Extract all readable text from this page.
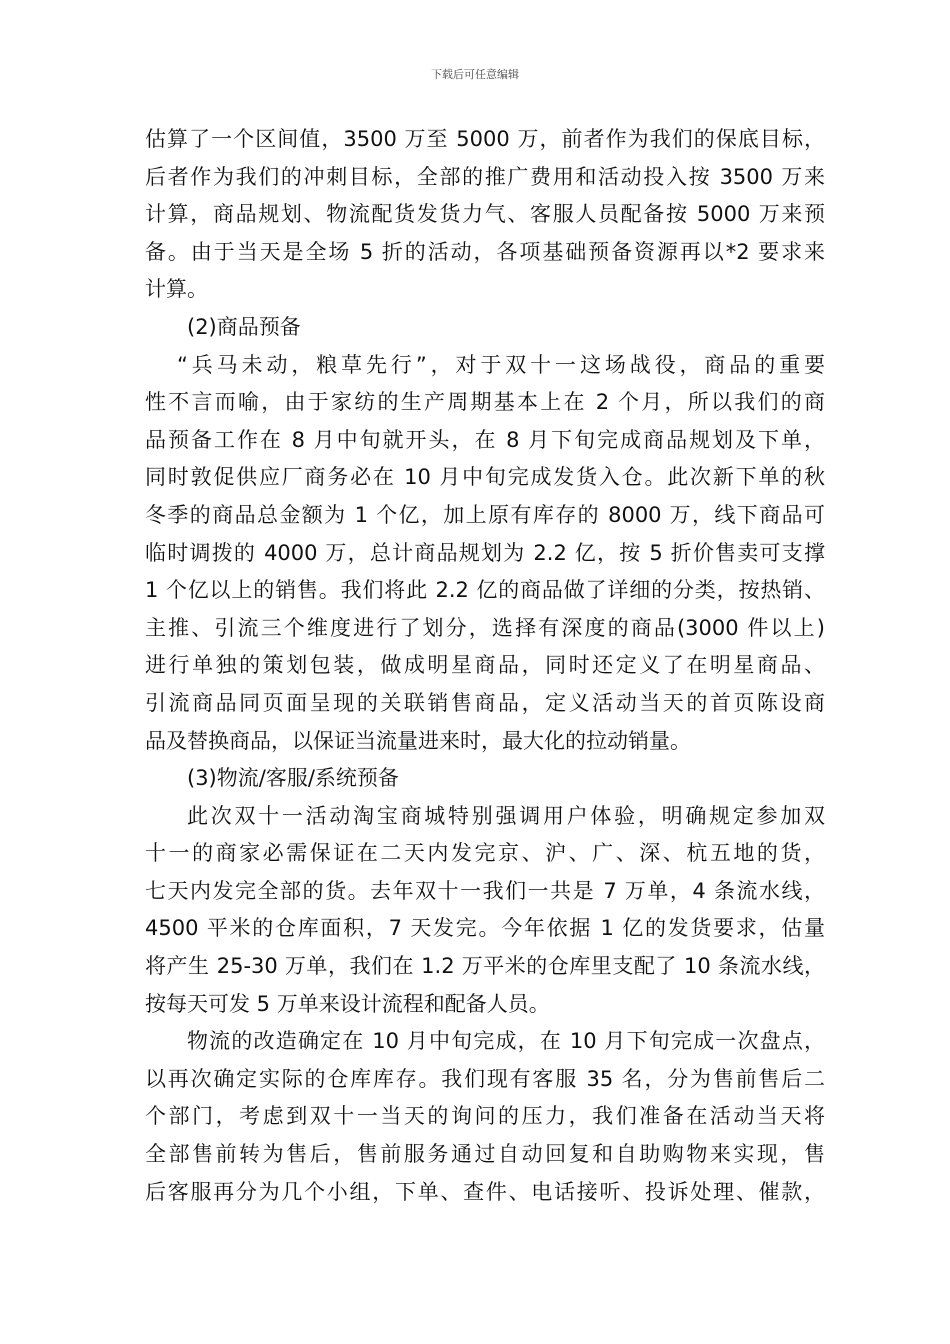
下载后可任意编辑
估算了一个区间值，3500 万至 5000 万，前者作为我们的保底目标，
后者作为我们的冲刺目标，全部的推广费用和活动投入按 3500 万来
计算，商品规划、物流配货发货力气、客服人员配备按 5000 万来预
备。由于当天是全场 5 折的活动，各项基础预备资源再以*2 要求来
计算。
(2)商品预备
“兵马未动，粮草先行”，对于双十一这场战役，商品的重要
性不言而喻，由于家纺的生产周期基本上在 2 个月，所以我们的商
品预备工作在 8 月中旬就开头，在 8 月下旬完成商品规划及下单，
同时敦促供应厂商务必在 10 月中旬完成发货入仓。此次新下单的秋
冬季的商品总金额为 1 个亿，加上原有库存的 8000 万，线下商品可
临时调拨的 4000 万，总计商品规划为 2.2 亿，按 5 折价售卖可支撑
1 个亿以上的销售。我们将此 2.2 亿的商品做了详细的分类，按热销、
主推、引流三个维度进行了划分，选择有深度的商品(3000 件以上)
进行单独的策划包装，做成明星商品，同时还定义了在明星商品、
引流商品同页面呈现的关联销售商品，定义活动当天的首页陈设商
品及替换商品，以保证当流量进来时，最大化的拉动销量。
(3)物流/客服/系统预备
此次双十一活动淘宝商城特别强调用户体验，明确规定参加双
十一的商家必需保证在二天内发完京、沪、广、深、杭五地的货，
七天内发完全部的货。去年双十一我们一共是 7 万单，4 条流水线，
4500 平米的仓库面积，7 天发完。今年依据 1 亿的发货要求，估量
将产生 25-30 万单，我们在 1.2 万平米的仓库里支配了 10 条流水线，
按每天可发 5 万单来设计流程和配备人员。
物流的改造确定在 10 月中旬完成，在 10 月下旬完成一次盘点，
以再次确定实际的仓库库存。我们现有客服 35 名，分为售前售后二
个部门，考虑到双十一当天的询问的压力，我们准备在活动当天将
全部售前转为售后，售前服务通过自动回复和自助购物来实现，售
后客服再分为几个小组，下单、查件、电话接听、投诉处理、催款，
